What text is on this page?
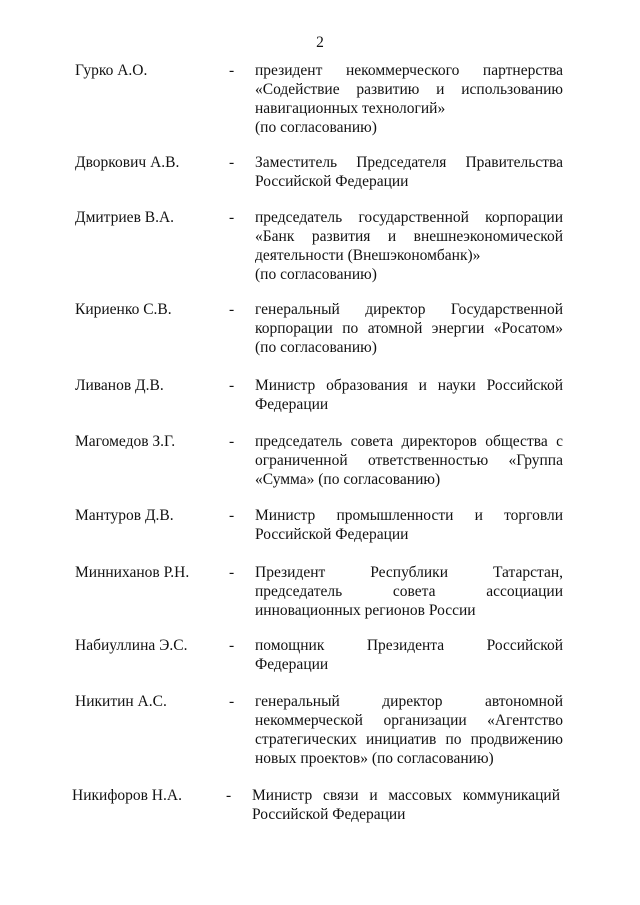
2
Гурко А.О.	- президент некоммерческого партнерства
«Содействие развитию и использованию
навигационных технологий»
(по согласованию)
Дворкович А.В.	- Заместитель Председателя Правительства
Российской Федерации
Дмитриев В.А.	- председатель государственной корпорации
«Банк развития и внешнеэкономической
деятельности (Внешэкономбанк)»
(по согласованию)
Кириенко С.В.	- генеральный директор Государственной
корпорации по атомной энергии «Росатом»
(по согласованию)
Ливанов Д.В.	- Министр образования и науки Российской
Федерации
Магомедов З.Г.	- председатель совета директоров общества с
ограниченной ответственностью «Группа
«Сумма» (по согласованию)
Мантуров Д.В.	- Министр промышленности и торговли
Российской Федерации
Минниханов Р.Н.	- Президент Республики Татарстан,
председатель совета ассоциации
инновационных регионов России
Набиуллина Э.С.	- помощник Президента Российской
Федерации
Никитин А.С.	- генеральный директор автономной
некоммерческой организации «Агентство
стратегических инициатив по продвижению
новых проектов» (по согласованию)
Никифоров Н.А.	- Министр связи и массовых коммуникаций
Российской Федерации
